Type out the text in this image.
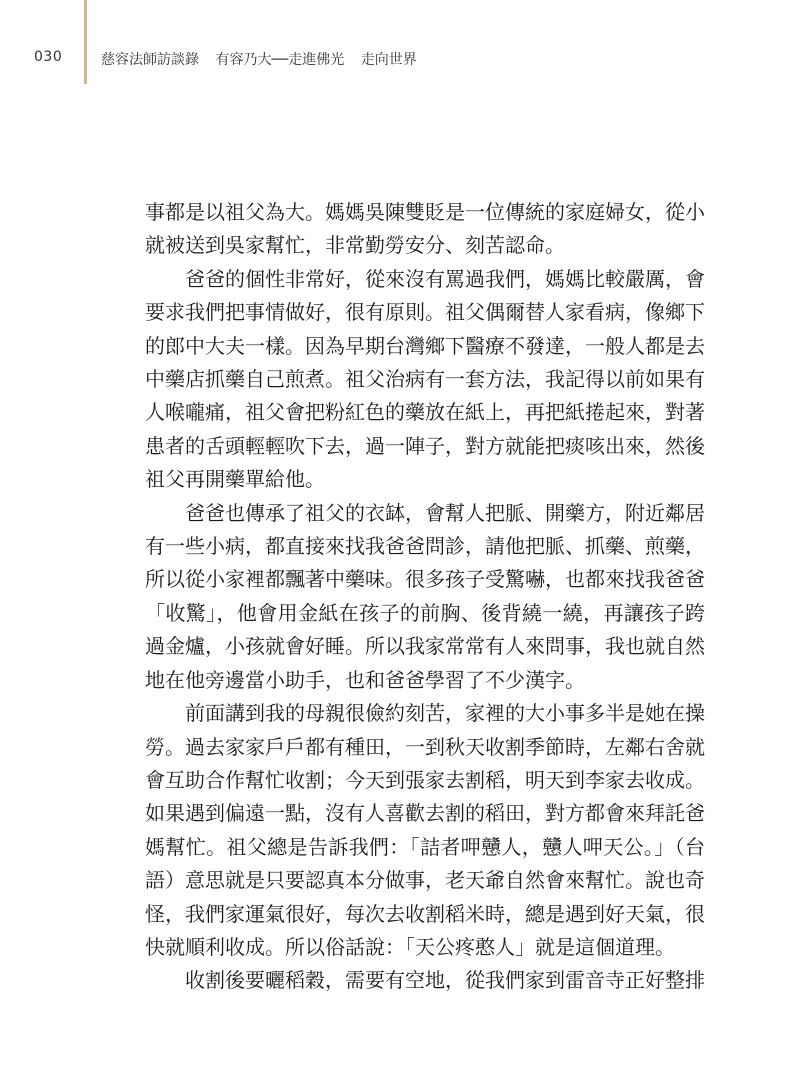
030	慈容法師訪談錄 有容乃大──走進佛光 走向世界

事都是以祖父為大。媽媽吳陳雙貶是一位傳統的家庭婦女，從小就被送到吳家幫忙，非常勤勞安分、刻苦認命。

爸爸的個性非常好，從來沒有罵過我們，媽媽比較嚴厲，會要求我們把事情做好，很有原則。祖父偶爾替人家看病，像鄉下的郎中大夫一樣。因為早期台灣鄉下醫療不發達，一般人都是去中藥店抓藥自己煎煮。祖父治病有一套方法，我記得以前如果有人喉嚨痛，祖父會把粉紅色的藥放在紙上，再把紙捲起來，對著患者的舌頭輕輕吹下去，過一陣子，對方就能把痰咳出來，然後祖父再開藥單給他。

爸爸也傳承了祖父的衣缽，會幫人把脈、開藥方，附近鄰居有一些小病，都直接來找我爸爸問診，請他把脈、抓藥、煎藥，所以從小家裡都飄著中藥味。很多孩子受驚嚇，也都來找我爸爸「收驚」，他會用金紙在孩子的前胸、後背繞一繞，再讓孩子跨過金爐，小孩就會好睡。所以我家常常有人來問事，我也就自然地在他旁邊當小助手，也和爸爸學習了不少漢字。

前面講到我的母親很儉約刻苦，家裡的大小事多半是她在操勞。過去家家戶戶都有種田，一到秋天收割季節時，左鄰右舍就會互助合作幫忙收割；今天到張家去割稻，明天到李家去收成。如果遇到偏遠一點，沒有人喜歡去割的稻田，對方都會來拜託爸媽幫忙。祖父總是告訴我們：「詰者呷戇人，戇人呷天公。」（台語）意思就是只要認真本分做事，老天爺自然會來幫忙。說也奇怪，我們家運氣很好，每次去收割稻米時，總是遇到好天氣，很快就順利收成。所以俗話說：「天公疼憨人」就是這個道理。

收割後要曬稻穀，需要有空地，從我們家到雷音寺正好整排
